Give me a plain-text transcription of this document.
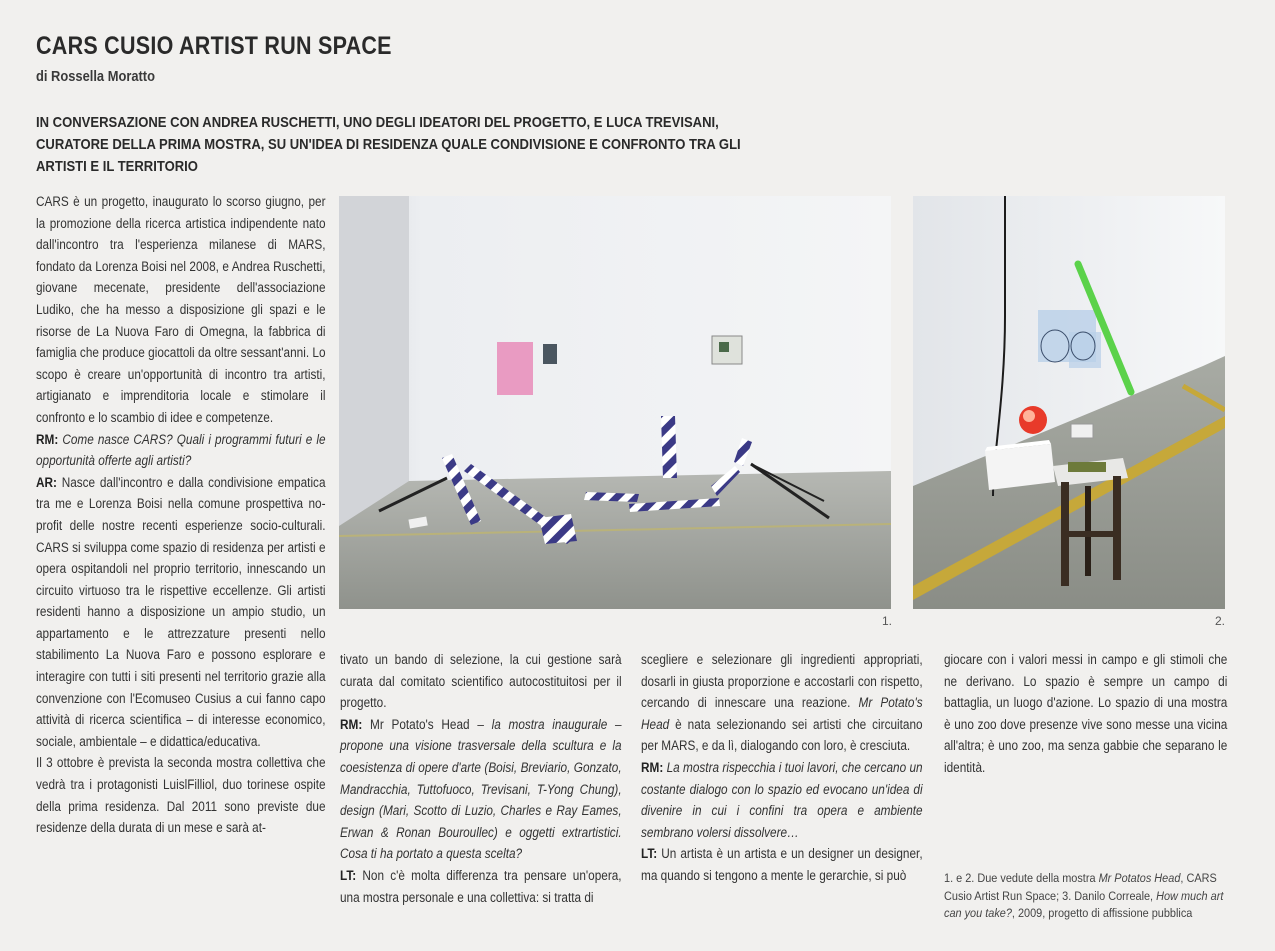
CARS CUSIO ARTIST RUN SPACE
di Rossella Moratto
IN CONVERSAZIONE CON ANDREA RUSCHETTI, UNO DEGLI IDEATORI DEL PROGETTO, E LUCA TREVISANI, CURATORE DELLA PRIMA MOSTRA, SU UN'IDEA DI RESIDENZA QUALE CONDIVISIONE E CONFRONTO TRA GLI ARTISTI E IL TERRITORIO

CARS è un progetto, inaugurato lo scorso giugno, per la promozione della ricerca artistica indipendente nato dall'incontro tra l'esperienza milanese di MARS, fondato da Lorenza Boisi nel 2008, e Andrea Ruschetti, giovane mecenate, presidente dell'associazione Ludiko, che ha messo a disposizione gli spazi e le risorse de La Nuova Faro di Omegna, la fabbrica di famiglia che produce giocattoli da oltre sessant'anni. Lo scopo è creare un'opportunità di incontro tra artisti, artigianato e imprenditoria locale e stimolare il confronto e lo scambio di idee e competenze.

RM: Come nasce CARS? Quali i programmi futuri e le opportunità offerte agli artisti?

AR: Nasce dall'incontro e dalla condivisione empatica tra me e Lorenza Boisi nella comune prospettiva no-profit delle nostre recenti esperienze socio-culturali. CARS si sviluppa come spazio di residenza per artisti e opera ospitandoli nel proprio territorio, innescando un circuito virtuoso tra le rispettive eccellenze. Gli artisti residenti hanno a disposizione un ampio studio, un appartamento e le attrezzature presenti nello stabilimento La Nuova Faro e possono esplorare e interagire con tutti i siti presenti nel territorio grazie alla convenzione con l'Ecomuseo Cusius a cui fanno capo attività di ricerca scientifica – di interesse economico, sociale, ambientale – e didattica/educativa.

Il 3 ottobre è prevista la seconda mostra collettiva che vedrà tra i protagonisti LuislFilliol, duo torinese ospite della prima residenza. Dal 2011 sono previste due residenze della durata di un mese e sarà at-

1.	2.

tivato un bando di selezione, la cui gestione sarà curata dal comitato scientifico autocostituitosi per il progetto.

RM: Mr Potato's Head – la mostra inaugurale – propone una visione trasversale della scultura e la coesistenza di opere d'arte (Boisi, Breviario, Gonzato, Mandracchia, Tuttofuoco, Trevisani, T-Yong Chung), design (Mari, Scotto di Luzio, Charles e Ray Eames, Erwan & Ronan Bouroullec) e oggetti extrartistici. Cosa ti ha portato a questa scelta?

LT: Non c'è molta differenza tra pensare un'opera, una mostra personale e una collettiva: si tratta di

scegliere e selezionare gli ingredienti appropriati, dosarli in giusta proporzione e accostarli con rispetto, cercando di innescare una reazione. Mr Potato's Head è nata selezionando sei artisti che circuitano per MARS, e da lì, dialogando con loro, è cresciuta.

RM: La mostra rispecchia i tuoi lavori, che cercano un costante dialogo con lo spazio ed evocano un'idea di divenire in cui i confini tra opera e ambiente sembrano volersi dissolvere…

LT: Un artista è un artista e un designer un designer, ma quando si tengono a mente le gerarchie, si può

giocare con i valori messi in campo e gli stimoli che ne derivano. Lo spazio è sempre un campo di battaglia, un luogo d'azione. Lo spazio di una mostra è uno zoo dove presenze vive sono messe una vicina all'altra; è uno zoo, ma senza gabbie che separano le identità.

1. e 2. Due vedute della mostra Mr Potatos Head, CARS Cusio Artist Run Space; 3. Danilo Correale, How much art can you take?, 2009, progetto di affissione pubblica
